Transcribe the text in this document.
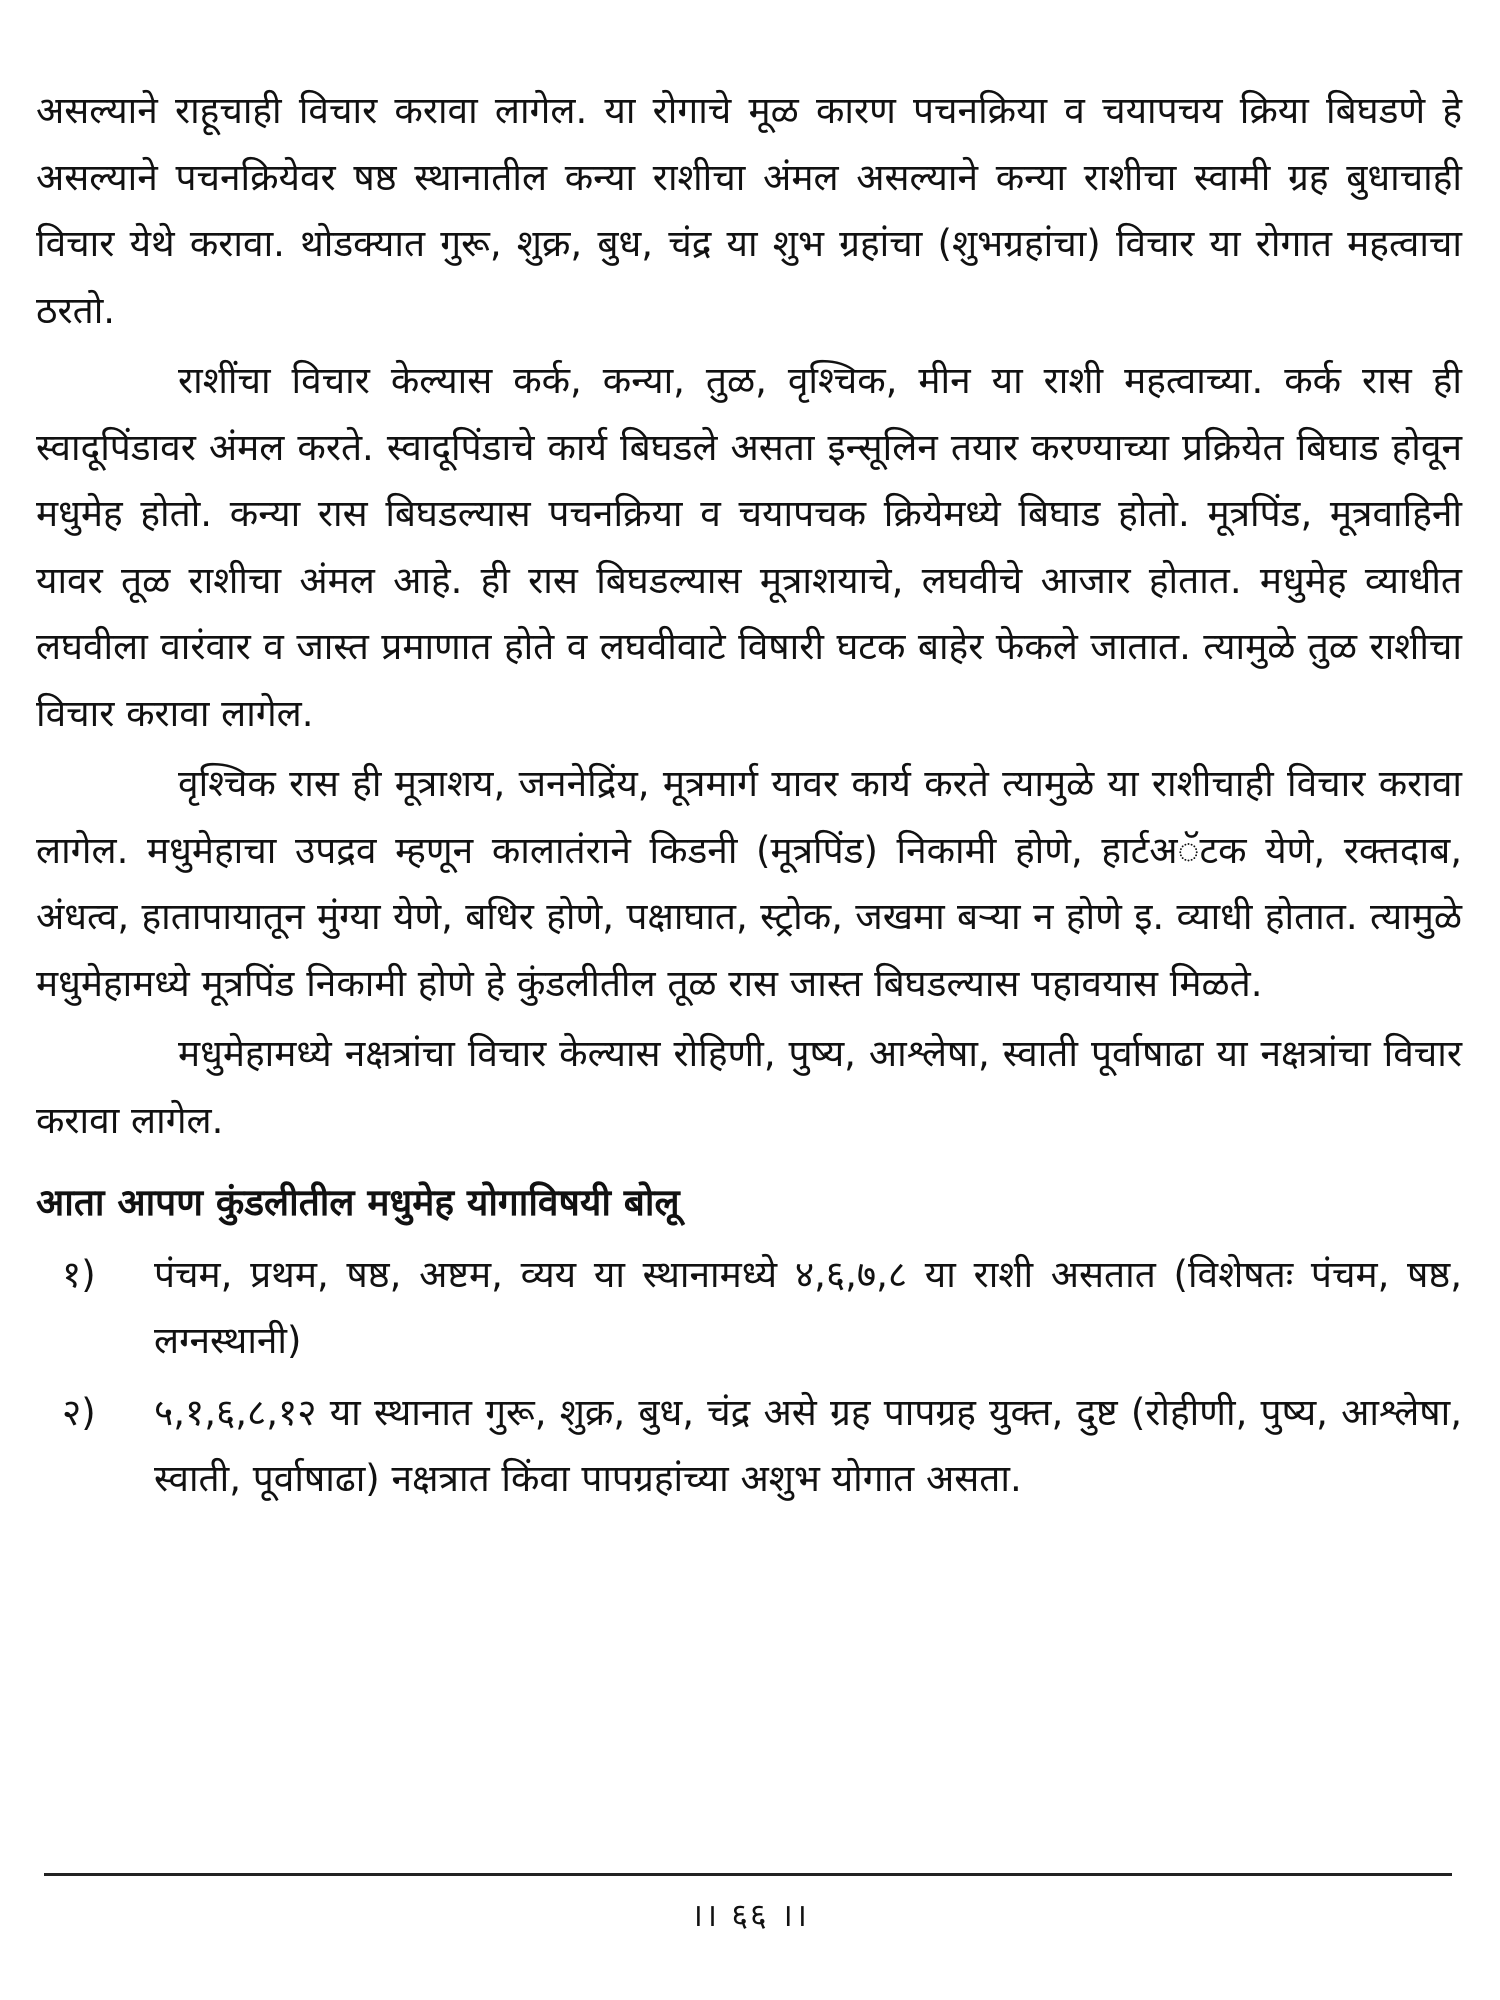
असल्याने राहूचाही विचार करावा लागेल. या रोगाचे मूळ कारण पचनक्रिया व चयापचय क्रिया बिघडणे हे असल्याने पचनक्रियेवर षष्ठ स्थानातील कन्या राशीचा अंमल असल्याने कन्या राशीचा स्वामी ग्रह बुधाचाही विचार येथे करावा. थोडक्यात गुरू, शुक्र, बुध, चंद्र या शुभ ग्रहांचा (शुभग्रहांचा) विचार या रोगात महत्वाचा ठरतो.

राशींचा विचार केल्यास कर्क, कन्या, तुळ, वृश्चिक, मीन या राशी महत्वाच्या. कर्क रास ही स्वादूपिंडावर अंमल करते. स्वादूपिंडाचे कार्य बिघडले असता इन्सूलिन तयार करण्याच्या प्रक्रियेत बिघाड होवून मधुमेह होतो. कन्या रास बिघडल्यास पचनक्रिया व चयापचक क्रियेमध्ये बिघाड होतो. मूत्रपिंड, मूत्रवाहिनी यावर तूळ राशीचा अंमल आहे. ही रास बिघडल्यास मूत्राशयाचे, लघवीचे आजार होतात. मधुमेह व्याधीत लघवीला वारंवार व जास्त प्रमाणात होते व लघवीवाटे विषारी घटक बाहेर फेकले जातात. त्यामुळे तुळ राशीचा विचार करावा लागेल.

वृश्चिक रास ही मूत्राशय, जननेद्रिंय, मूत्रमार्ग यावर कार्य करते त्यामुळे या राशीचाही विचार करावा लागेल. मधुमेहाचा उपद्रव म्हणून कालातंराने किडनी (मूत्रपिंड) निकामी होणे, हार्टअॅटक येणे, रक्तदाब, अंधत्व, हातापायातून मुंग्या येणे, बधिर होणे, पक्षाघात, स्ट्रोक, जखमा बऱ्या न होणे इ. व्याधी होतात. त्यामुळे मधुमेहामध्ये मूत्रपिंड निकामी होणे हे कुंडलीतील तूळ रास जास्त बिघडल्यास पहावयास मिळते.

मधुमेहामध्ये नक्षत्रांचा विचार केल्यास रोहिणी, पुष्य, आश्लेषा, स्वाती पूर्वाषाढा या नक्षत्रांचा विचार करावा लागेल.

आता आपण कुंडलीतील मधुमेह योगाविषयी बोलू
१)	पंचम, प्रथम, षष्ठ, अष्टम, व्यय या स्थानामध्ये ४,६,७,८ या राशी असतात (विशेषतः पंचम, षष्ठ, लग्नस्थानी)
२)	५,१,६,८,१२ या स्थानात गुरू, शुक्र, बुध, चंद्र असे ग्रह पापग्रह युक्त, दुष्ट (रोहीणी, पुष्य, आश्लेषा, स्वाती, पूर्वाषाढा) नक्षत्रात किंवा पापग्रहांच्या अशुभ योगात असता.
।। ६६ ।।
